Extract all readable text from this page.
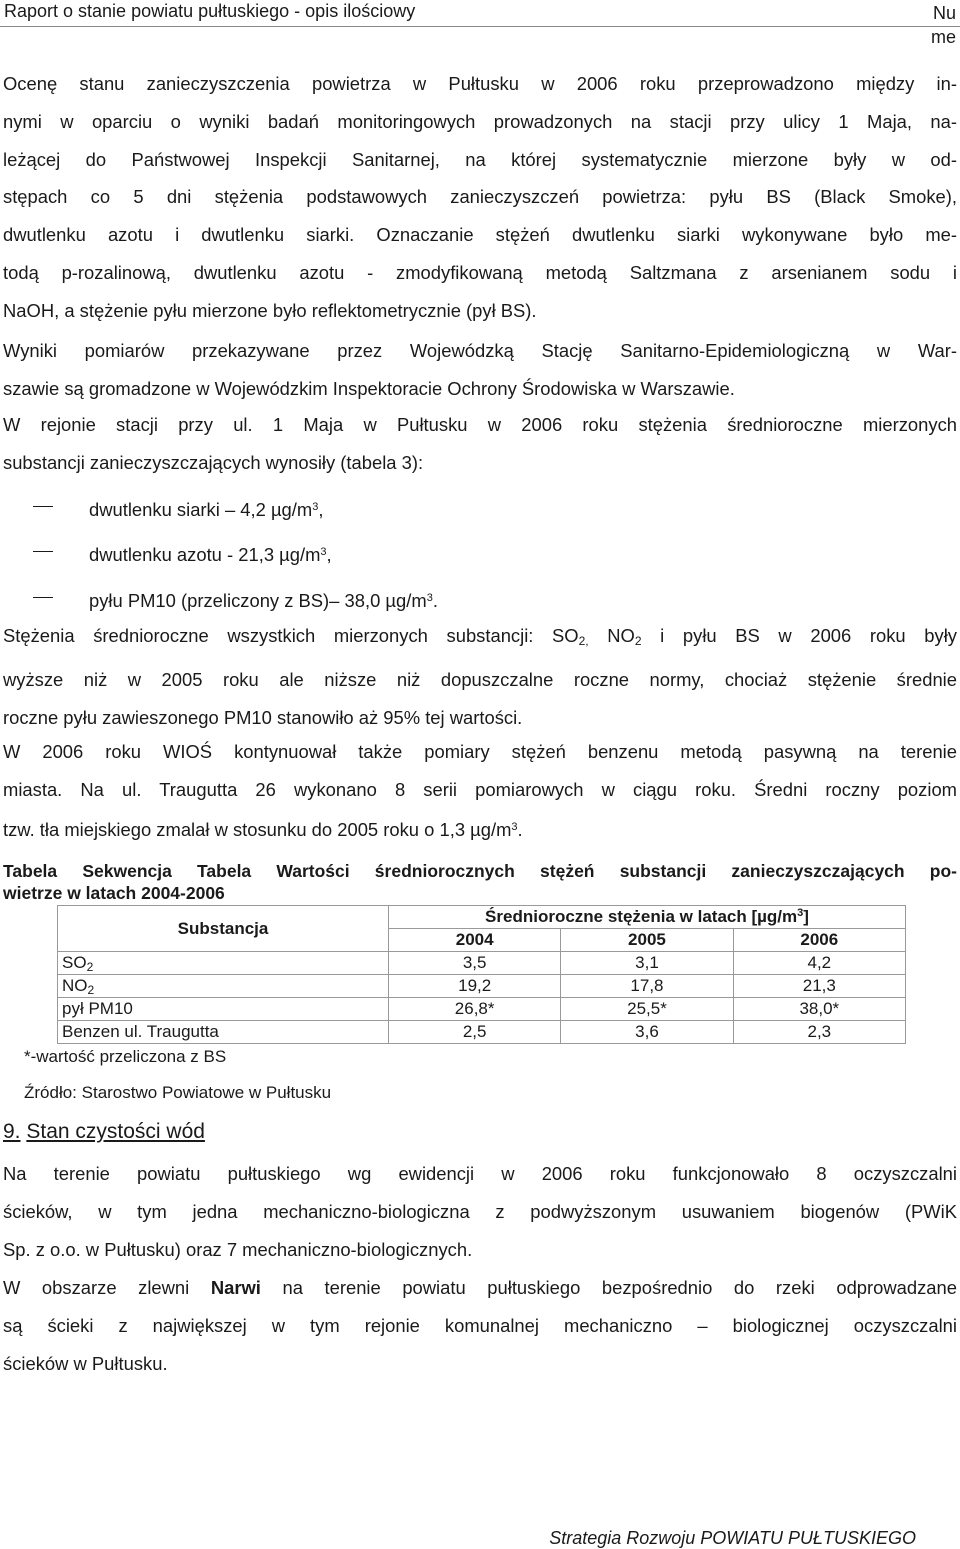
Raport o stanie powiatu pułtuskiego - opis ilościowy	Nu me
Ocenę stanu zanieczyszczenia powietrza w Pułtusku w 2006 roku przeprowadzono między in-
nymi w oparciu o wyniki badań monitoringowych prowadzonych na stacji przy ulicy 1 Maja, na-
leżącej do Państwowej Inspekcji Sanitarnej, na której systematycznie mierzone były w od-
stępach co 5 dni stężenia podstawowych zanieczyszczeń powietrza: pyłu BS (Black Smoke),
dwutlenku azotu i dwutlenku siarki. Oznaczanie stężeń dwutlenku siarki wykonywane było me-
todą p-rozalinową, dwutlenku azotu - zmodyfikowaną metodą Saltzmana z arsenianem sodu i
NaOH, a stężenie pyłu mierzone było reflektometrycznie (pył BS).
Wyniki pomiarów przekazywane przez Wojewódzką Stację Sanitarno-Epidemiologiczną w War-
szawie są gromadzone w Wojewódzkim Inspektoracie Ochrony Środowiska w Warszawie.
W rejonie stacji przy ul. 1 Maja w Pułtusku w 2006 roku stężenia średnioroczne mierzonych
substancji zanieczyszczających wynosiły (tabela 3):
dwutlenku siarki – 4,2 $\mu g/m^3$,
dwutlenku azotu - 21,3 $\mu g/m^3$,
pyłu PM10 (przeliczony z BS)– 38,0 $\mu g/m^3$.
Stężenia średnioroczne wszystkich mierzonych substancji: $SO_{2,}$ $NO_2$ i pyłu BS w 2006 roku były
wyższe niż w 2005 roku ale niższe niż dopuszczalne roczne normy, chociaż stężenie średnie
roczne pyłu zawieszonego PM10 stanowiło aż 95% tej wartości.
W 2006 roku WIOŚ kontynuował także pomiary stężeń benzenu metodą pasywną na terenie
miasta. Na ul. Traugutta 26 wykonano 8 serii pomiarowych w ciągu roku. Średni roczny poziom
tzw. tła miejskiego zmalał w stosunku do 2005 roku o 1,3 $\mu g/m^3$.
Tabela Sekwencja Tabela Wartości średniorocznych stężeń substancji zanieczyszczających po-
wietrze w latach 2004-2006
Substancja	Średnioroczne stężenia w latach $[\mu g/m^3]$		
	2004	2005	2006
$SO_2$	3,5	3,1	4,2
$NO_2$	19,2	17,8	21,3
pył PM10	26,8*	25,5*	38,0*
Benzen ul. Traugutta	2,5	3,6	2,3
*-wartość przeliczona z BS
Źródło: Starostwo Powiatowe w Pułtusku
9. Stan czystości wód
Na terenie powiatu pułtuskiego wg ewidencji w 2006 roku funkcjonowało 8 oczyszczalni
ścieków, w tym jedna mechaniczno-biologiczna z podwyższonym usuwaniem biogenów (PWiK
Sp. z o.o. w Pułtusku) oraz 7 mechaniczno-biologicznych.
W obszarze zlewni Narwi na terenie powiatu pułtuskiego bezpośrednio do rzeki odprowadzane
są ścieki z największej w tym rejonie komunalnej mechaniczno – biologicznej oczyszczalni
ścieków w Pułtusku.
Strategia Rozwoju POWIATU PUŁTUSKIEGO
